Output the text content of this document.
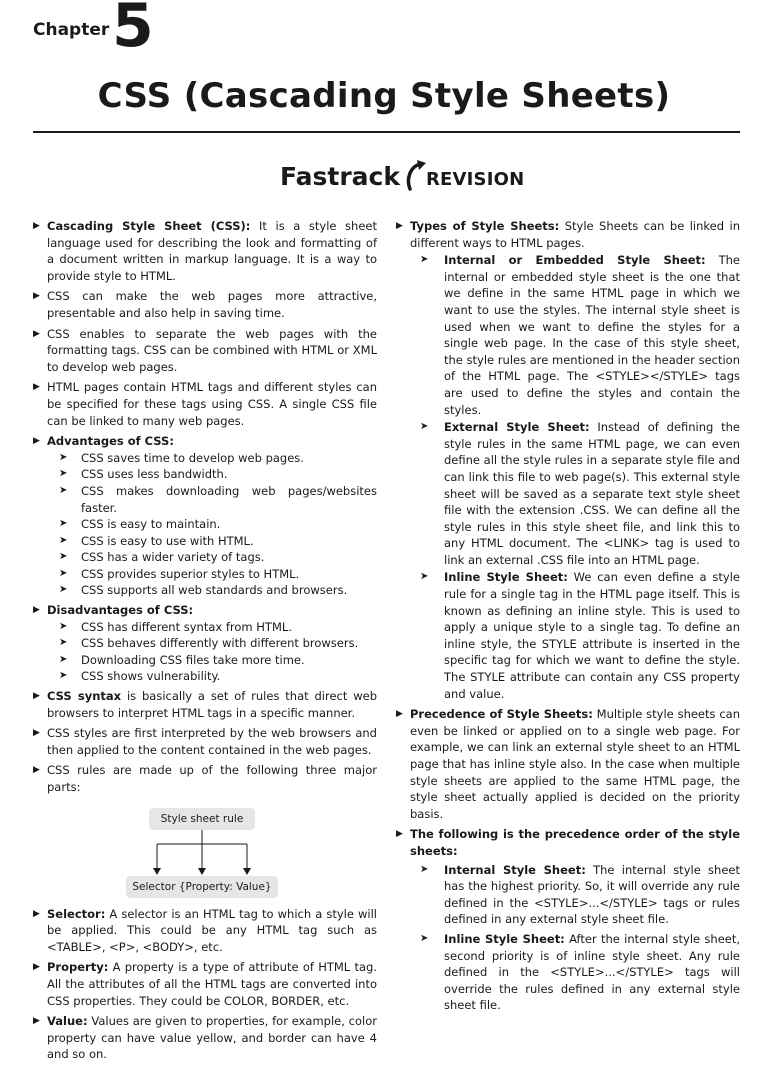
Chapter 5
CSS (Cascading Style Sheets)
Fastrack REVISION
▶ Cascading Style Sheet (CSS): It is a style sheet language used for describing the look and formatting of a document written in markup language. It is a way to provide style to HTML.
▶ CSS can make the web pages more attractive, presentable and also help in saving time.
▶ CSS enables to separate the web pages with the formatting tags. CSS can be combined with HTML or XML to develop web pages.
▶ HTML pages contain HTML tags and different styles can be specified for these tags using CSS. A single CSS file can be linked to many web pages.
▶ Advantages of CSS:
➤ CSS saves time to develop web pages.
➤ CSS uses less bandwidth.
➤ CSS makes downloading web pages/websites faster.
➤ CSS is easy to maintain.
➤ CSS is easy to use with HTML.
➤ CSS has a wider variety of tags.
➤ CSS provides superior styles to HTML.
➤ CSS supports all web standards and browsers.
▶ Disadvantages of CSS:
➤ CSS has different syntax from HTML.
➤ CSS behaves differently with different browsers.
➤ Downloading CSS files take more time.
➤ CSS shows vulnerability.
▶ CSS syntax is basically a set of rules that direct web browsers to interpret HTML tags in a specific manner.
▶ CSS styles are first interpreted by the web browsers and then applied to the content contained in the web pages.
▶ CSS rules are made up of the following three major parts:
Style sheet rule
Selector {Property: Value}
▶ Selector: A selector is an HTML tag to which a style will be applied. This could be any HTML tag such as <TABLE>, <P>, <BODY>, etc.
▶ Property: A property is a type of attribute of HTML tag. All the attributes of all the HTML tags are converted into CSS properties. They could be COLOR, BORDER, etc.
▶ Value: Values are given to properties, for example, color property can have value yellow, and border can have 4 and so on.
▶ Types of Style Sheets: Style Sheets can be linked in different ways to HTML pages.
➤ Internal or Embedded Style Sheet: The internal or embedded style sheet is the one that we define in the same HTML page in which we want to use the styles. The internal style sheet is used when we want to define the styles for a single web page. In the case of this style sheet, the style rules are mentioned in the header section of the HTML page. The <STYLE></STYLE> tags are used to define the styles and contain the styles.
➤ External Style Sheet: Instead of defining the style rules in the same HTML page, we can even define all the style rules in a separate style file and can link this file to web page(s). This external style sheet will be saved as a separate text style sheet file with the extension .CSS. We can define all the style rules in this style sheet file, and link this to any HTML document. The <LINK> tag is used to link an external .CSS file into an HTML page.
➤ Inline Style Sheet: We can even define a style rule for a single tag in the HTML page itself. This is known as defining an inline style. This is used to apply a unique style to a single tag. To define an inline style, the STYLE attribute is inserted in the specific tag for which we want to define the style. The STYLE attribute can contain any CSS property and value.
▶ Precedence of Style Sheets: Multiple style sheets can even be linked or applied on to a single web page. For example, we can link an external style sheet to an HTML page that has inline style also. In the case when multiple style sheets are applied to the same HTML page, the style sheet actually applied is decided on the priority basis.
▶ The following is the precedence order of the style sheets:
➤ Internal Style Sheet: The internal style sheet has the highest priority. So, it will override any rule defined in the <STYLE>...</STYLE> tags or rules defined in any external style sheet file.
➤ Inline Style Sheet: After the internal style sheet, second priority is of inline style sheet. Any rule defined in the <STYLE>...</STYLE> tags will override the rules defined in any external style sheet file.
